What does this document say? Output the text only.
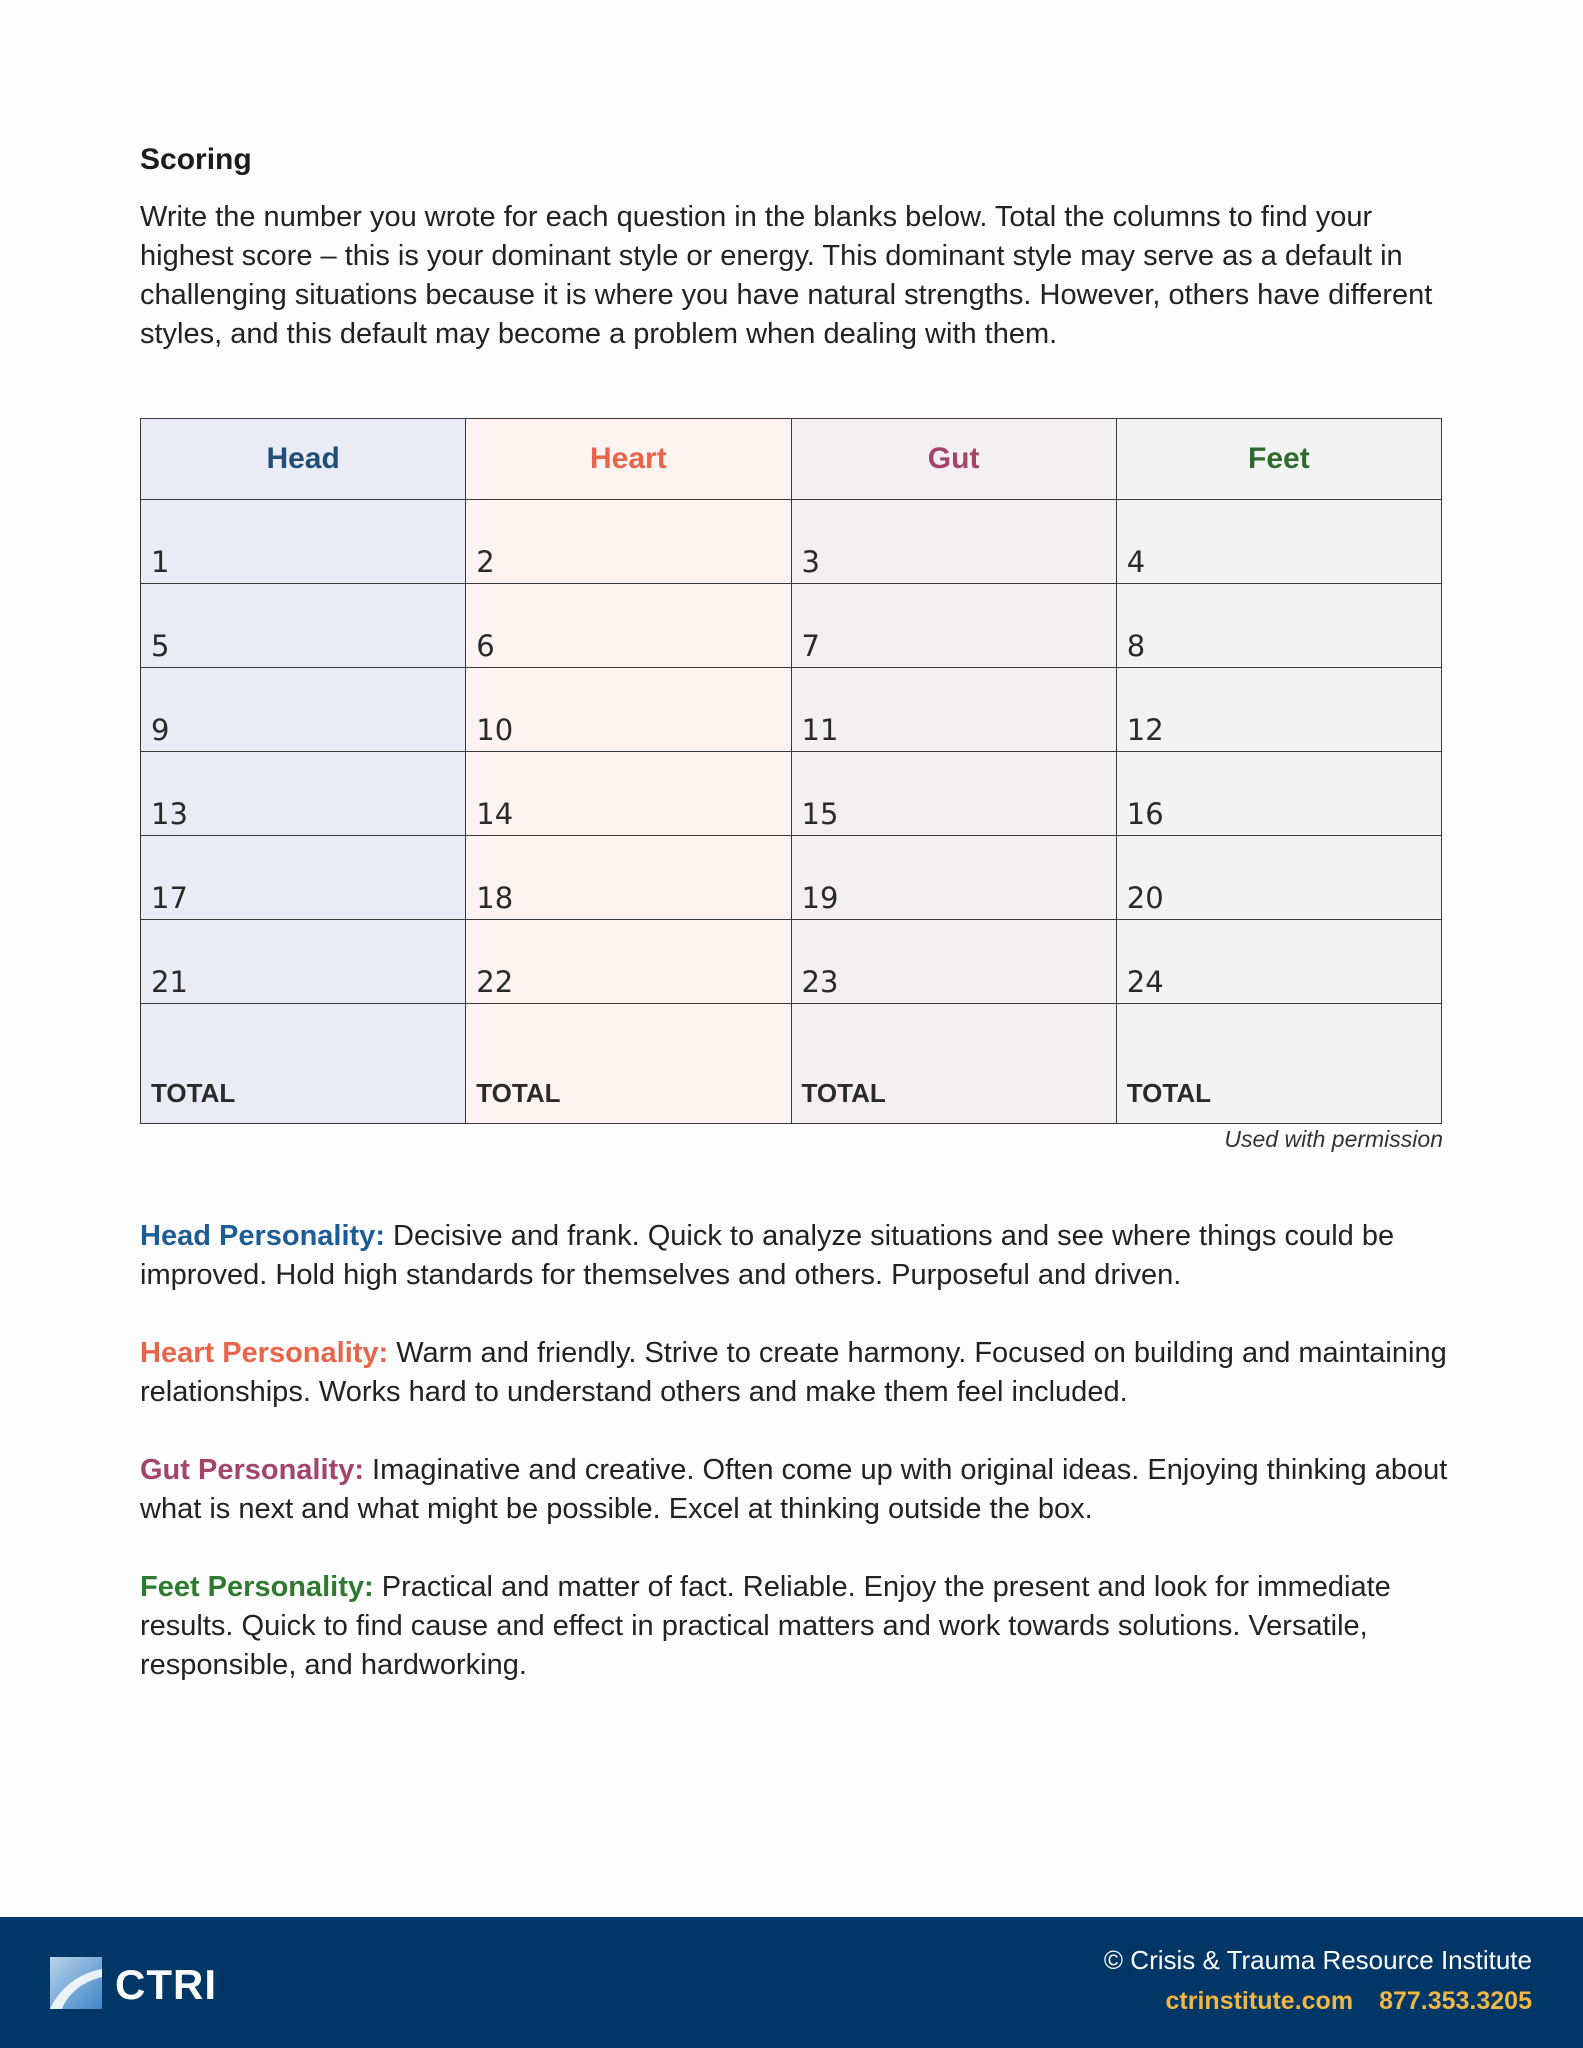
Scoring
Write the number you wrote for each question in the blanks below. Total the columns to find your highest score – this is your dominant style or energy. This dominant style may serve as a default in challenging situations because it is where you have natural strengths. However, others have different styles, and this default may become a problem when dealing with them.
Head	Heart	Gut	Feet
1	2	3	4
5	6	7	8
9	10	11	12
13	14	15	16
17	18	19	20
21	22	23	24
TOTAL	TOTAL	TOTAL	TOTAL
Used with permission
Head Personality: Decisive and frank. Quick to analyze situations and see where things could be improved. Hold high standards for themselves and others. Purposeful and driven.
Heart Personality: Warm and friendly. Strive to create harmony. Focused on building and maintaining relationships. Works hard to understand others and make them feel included.
Gut Personality: Imaginative and creative. Often come up with original ideas. Enjoying thinking about what is next and what might be possible. Excel at thinking outside the box.
Feet Personality: Practical and matter of fact. Reliable. Enjoy the present and look for immediate results. Quick to find cause and effect in practical matters and work towards solutions. Versatile, responsible, and hardworking.
CTRI
© Crisis & Trauma Resource Institute
ctrinstitute.com 877.353.3205
